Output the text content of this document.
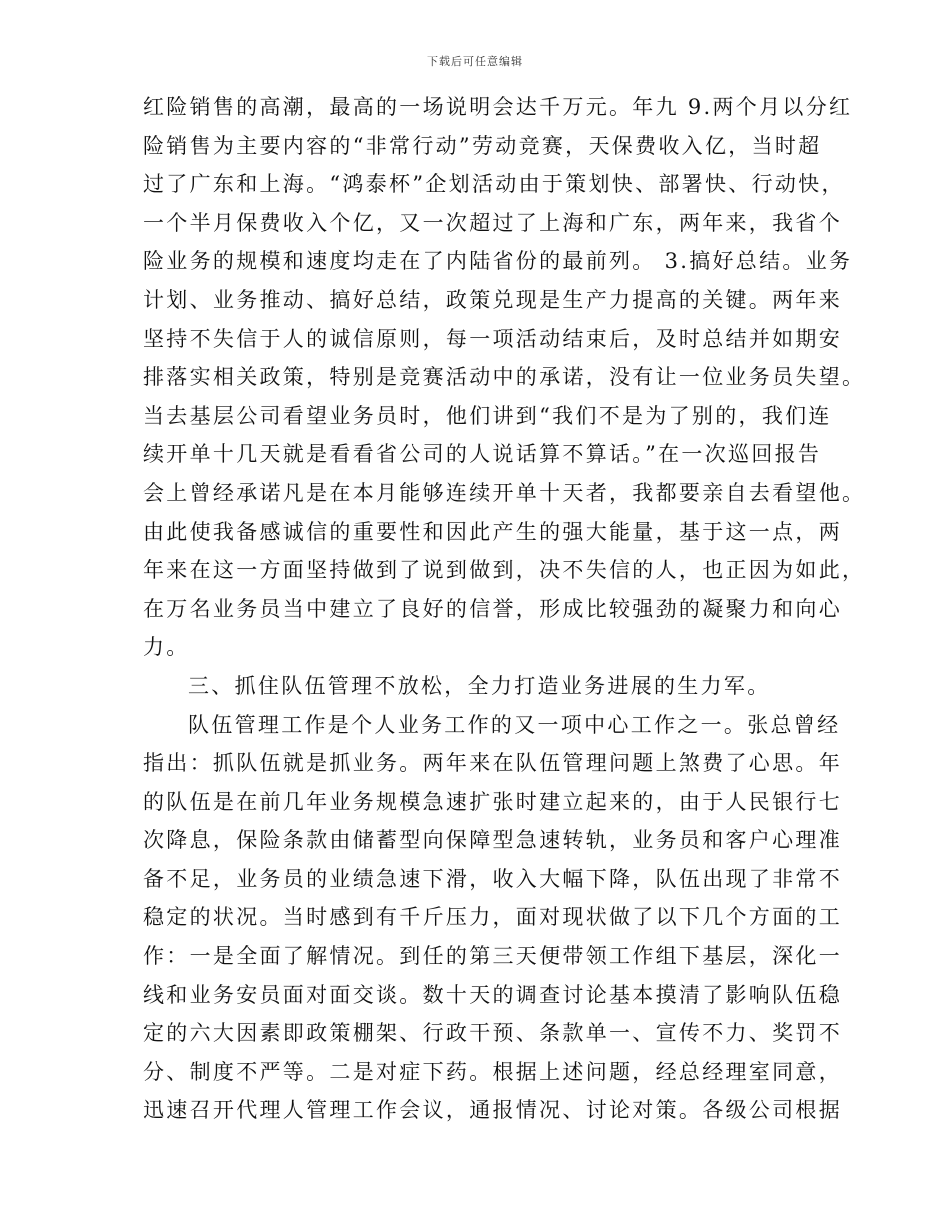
下载后可任意编辑
红险销售的高潮，最高的一场说明会达千万元。年九 9.两个月以分红
险销售为主要内容的“非常行动”劳动竞赛，天保费收入亿，当时超
过了广东和上海。“鸿泰杯”企划活动由于策划快、部署快、行动快，
一个半月保费收入个亿，又一次超过了上海和广东，两年来，我省个
险业务的规模和速度均走在了内陆省份的最前列。 3.搞好总结。业务
计划、业务推动、搞好总结，政策兑现是生产力提高的关键。两年来
坚持不失信于人的诚信原则，每一项活动结束后，及时总结并如期安
排落实相关政策，特别是竞赛活动中的承诺，没有让一位业务员失望。
当去基层公司看望业务员时，他们讲到“我们不是为了别的，我们连
续开单十几天就是看看省公司的人说话算不算话。”在一次巡回报告
会上曾经承诺凡是在本月能够连续开单十天者，我都要亲自去看望他。
由此使我备感诚信的重要性和因此产生的强大能量，基于这一点，两
年来在这一方面坚持做到了说到做到，决不失信的人，也正因为如此，
在万名业务员当中建立了良好的信誉，形成比较强劲的凝聚力和向心
力。
三、抓住队伍管理不放松，全力打造业务进展的生力军。
队伍管理工作是个人业务工作的又一项中心工作之一。张总曾经
指出：抓队伍就是抓业务。两年来在队伍管理问题上煞费了心思。年
的队伍是在前几年业务规模急速扩张时建立起来的，由于人民银行七
次降息，保险条款由储蓄型向保障型急速转轨，业务员和客户心理准
备不足，业务员的业绩急速下滑，收入大幅下降，队伍出现了非常不
稳定的状况。当时感到有千斤压力，面对现状做了以下几个方面的工
作：一是全面了解情况。到任的第三天便带领工作组下基层，深化一
线和业务安员面对面交谈。数十天的调查讨论基本摸清了影响队伍稳
定的六大因素即政策棚架、行政干预、条款单一、宣传不力、奖罚不
分、制度不严等。二是对症下药。根据上述问题，经总经理室同意，
迅速召开代理人管理工作会议，通报情况、讨论对策。各级公司根据
